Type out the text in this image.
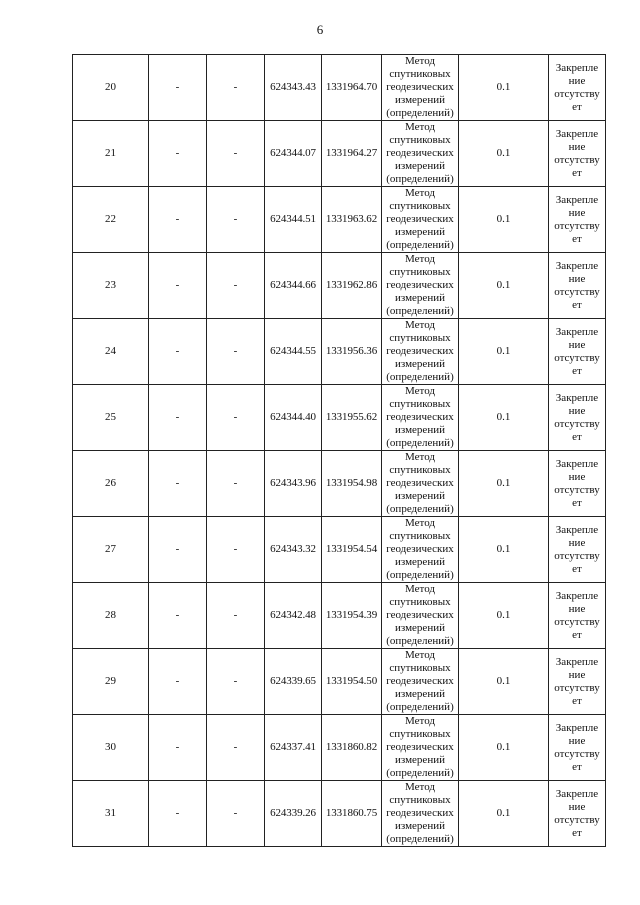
6
20	-	-	624343.43	1331964.70	Метод
спутниковых
геодезических
измерений
(определений)	0.1	Закрепле
ние
отсутству
ет

21	-	-	624344.07	1331964.27	Метод
спутниковых
геодезических
измерений
(определений)	0.1	Закрепле
ние
отсутству
ет

22	-	-	624344.51	1331963.62	Метод
спутниковых
геодезических
измерений
(определений)	0.1	Закрепле
ние
отсутству
ет

23	-	-	624344.66	1331962.86	Метод
спутниковых
геодезических
измерений
(определений)	0.1	Закрепле
ние
отсутству
ет

24	-	-	624344.55	1331956.36	Метод
спутниковых
геодезических
измерений
(определений)	0.1	Закрепле
ние
отсутству
ет

25	-	-	624344.40	1331955.62	Метод
спутниковых
геодезических
измерений
(определений)	0.1	Закрепле
ние
отсутству
ет

26	-	-	624343.96	1331954.98	Метод
спутниковых
геодезических
измерений
(определений)	0.1	Закрепле
ние
отсутству
ет

27	-	-	624343.32	1331954.54	Метод
спутниковых
геодезических
измерений
(определений)	0.1	Закрепле
ние
отсутству
ет

28	-	-	624342.48	1331954.39	Метод
спутниковых
геодезических
измерений
(определений)	0.1	Закрепле
ние
отсутству
ет

29	-	-	624339.65	1331954.50	Метод
спутниковых
геодезических
измерений
(определений)	0.1	Закрепле
ние
отсутству
ет

30	-	-	624337.41	1331860.82	Метод
спутниковых
геодезических
измерений
(определений)	0.1	Закрепле
ние
отсутству
ет

31	-	-	624339.26	1331860.75	Метод
спутниковых
геодезических
измерений
(определений)	0.1	Закрепле
ние
отсутству
ет
